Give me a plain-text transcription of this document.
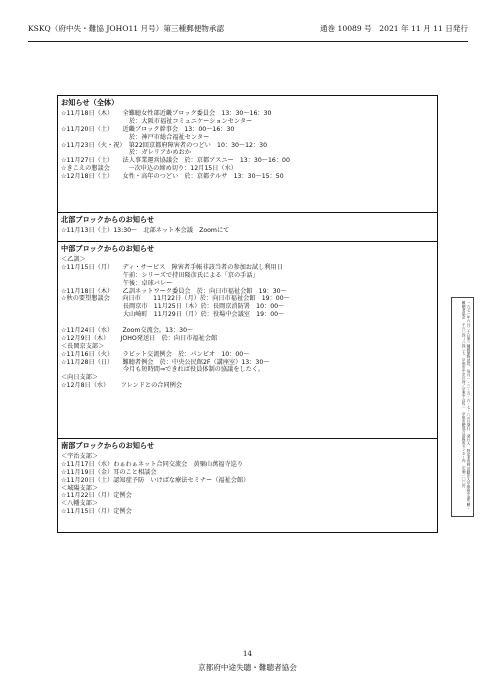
KSKQ（府中失・難協 JOHO11 月号）第三種郵便物承認	通巻 10089 号　2021 年 11 月 11 日発行
お知らせ（全体）
☆11月18日（木）　　全難聴女性部近畿ブロック委員会　13：30〜16：30
　　　　　　　　　　　於：大阪市福祉コミュニケーションセンター
☆11月20日（土）　　近畿ブロック幹事会　13：00〜16：30
　　　　　　　　　　　於：神戸市総合福祉センター
☆11月23日（火・祝）　第22回京都府障害者のつどい　10：30〜12：30
　　　　　　　　　　　於：ガレリアかめおか
☆11月27日（土）　　法人事業運営協議会　於：京都アスニー　13：30〜16：00
☆きこえの懇談会　　　一次申込の締め切り：12月15日（水）
☆12月18日（土）　　女性・高年のつどい　於：京都テルサ　13：30〜15：50
北部ブロックからのお知らせ
☆11月13日（土）13:30〜　北部ネット本会議　Zoomにて
中部ブロックからのお知らせ
＜乙訓＞
☆11月15日（月）　　ディ・サービス　障害者手帳非該当者の参加お試し利用日
　　　　　　　　　　午前：シリーズで持田隆彦氏による「京の手話」
　　　　　　　　　　午後：卓球バレー
☆11月18日（木）　　乙訓ネットワーク委員会　於：向日市福祉会館　19：30〜
☆秋の要望懇談会　　向日市　　11月22日（月）於：向日市福祉会館　19：00〜
　　　　　　　　　　長岡京市　11月25日（木）於：長岡京消防署　10：00〜
　　　　　　　　　　大山崎町　11月29日（月）於：役場中会議室　19：00〜
☆11月24日（水）　　Zoom交流会。13：30〜
☆12月9日（木）　　 JOHO発送日　於：向日市福祉会館
＜長岡京支部＞
☆11月16日（火）　　ラビット交流例会　於：パンビオ　10：00〜
☆11月28日（日）　　難聴者例会　於：中央公民館2F（講座室）13：30〜
　　　　　　　　　　今月も短時間⇒できれば役員体制の協議をしたく。
＜向日支部＞
☆12月8日（水）　　 フレンドとの合同例会
南部ブロックからのお知らせ
＜宇治支部＞
☆11月17日（水）わぁわぁネット合同交流会　黄檗山萬福寺巡り
☆11月19日（金）耳のこと相談会
☆11月20日（土）認知症予防　いけばな療法セミナー（福祉会館）
＜城陽支部＞
☆11月22日（月）定例会
＜八幡支部＞
☆11月15日（月）定例会
一九七一年六月二十日第三種郵便物認可　毎月一・三・五・六・七・八の日発行　発行人　特定非営利活動法人京都府中途失聴・難聴者協会　〒六〇四−八四三七　京都市中京区西ノ京東中合町二　京都市聴覚言語障害センター内　定価一〇〇円
14
京都府中途失聴・難聴者協会
